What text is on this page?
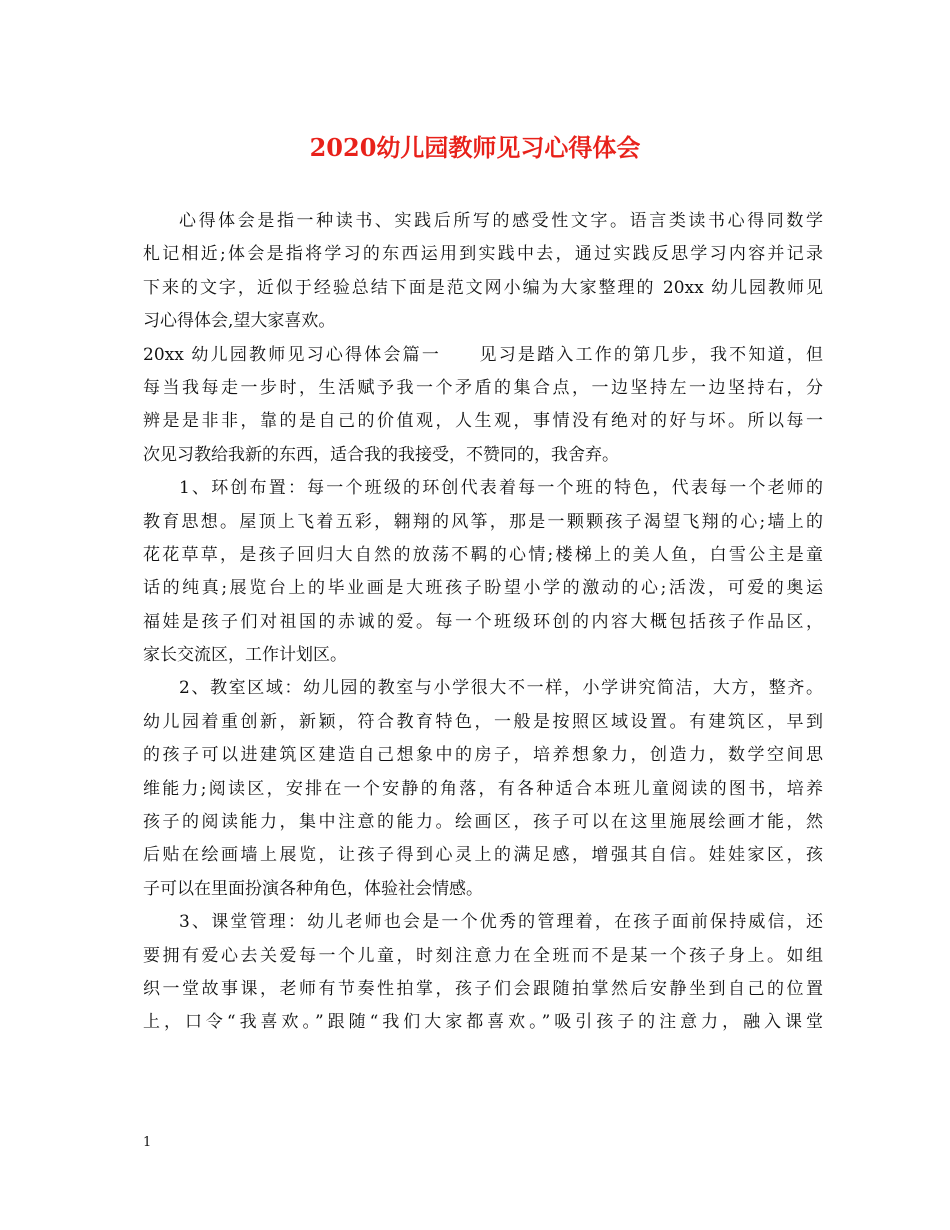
2020幼儿园教师见习心得体会
心得体会是指一种读书、实践后所写的感受性文字。语言类读书心得同数学
札记相近;体会是指将学习的东西运用到实践中去，通过实践反思学习内容并记录
下来的文字，近似于经验总结下面是范文网小编为大家整理的 20xx 幼儿园教师见
习心得体会,望大家喜欢。
20xx 幼儿园教师见习心得体会篇一　　见习是踏入工作的第几步，我不知道，但
每当我每走一步时，生活赋予我一个矛盾的集合点，一边坚持左一边坚持右，分
辨是是非非，靠的是自己的价值观，人生观，事情没有绝对的好与坏。所以每一
次见习教给我新的东西，适合我的我接受，不赞同的，我舍弃。
1、环创布置：每一个班级的环创代表着每一个班的特色，代表每一个老师的
教育思想。屋顶上飞着五彩，翱翔的风筝，那是一颗颗孩子渴望飞翔的心;墙上的
花花草草，是孩子回归大自然的放荡不羁的心情;楼梯上的美人鱼，白雪公主是童
话的纯真;展览台上的毕业画是大班孩子盼望小学的激动的心;活泼，可爱的奥运
福娃是孩子们对祖国的赤诚的爱。每一个班级环创的内容大概包括孩子作品区，
家长交流区，工作计划区。
2、教室区域：幼儿园的教室与小学很大不一样，小学讲究简洁，大方，整齐。
幼儿园着重创新，新颖，符合教育特色，一般是按照区域设置。有建筑区，早到
的孩子可以进建筑区建造自己想象中的房子，培养想象力，创造力，数学空间思
维能力;阅读区，安排在一个安静的角落，有各种适合本班儿童阅读的图书，培养
孩子的阅读能力，集中注意的能力。绘画区，孩子可以在这里施展绘画才能，然
后贴在绘画墙上展览，让孩子得到心灵上的满足感，增强其自信。娃娃家区，孩
子可以在里面扮演各种角色，体验社会情感。
3、课堂管理：幼儿老师也会是一个优秀的管理着，在孩子面前保持威信，还
要拥有爱心去关爱每一个儿童，时刻注意力在全班而不是某一个孩子身上。如组
织一堂故事课，老师有节奏性拍掌，孩子们会跟随拍掌然后安静坐到自己的位置
上，口令“我喜欢。”跟随“我们大家都喜欢。”吸引孩子的注意力，融入课堂
1
